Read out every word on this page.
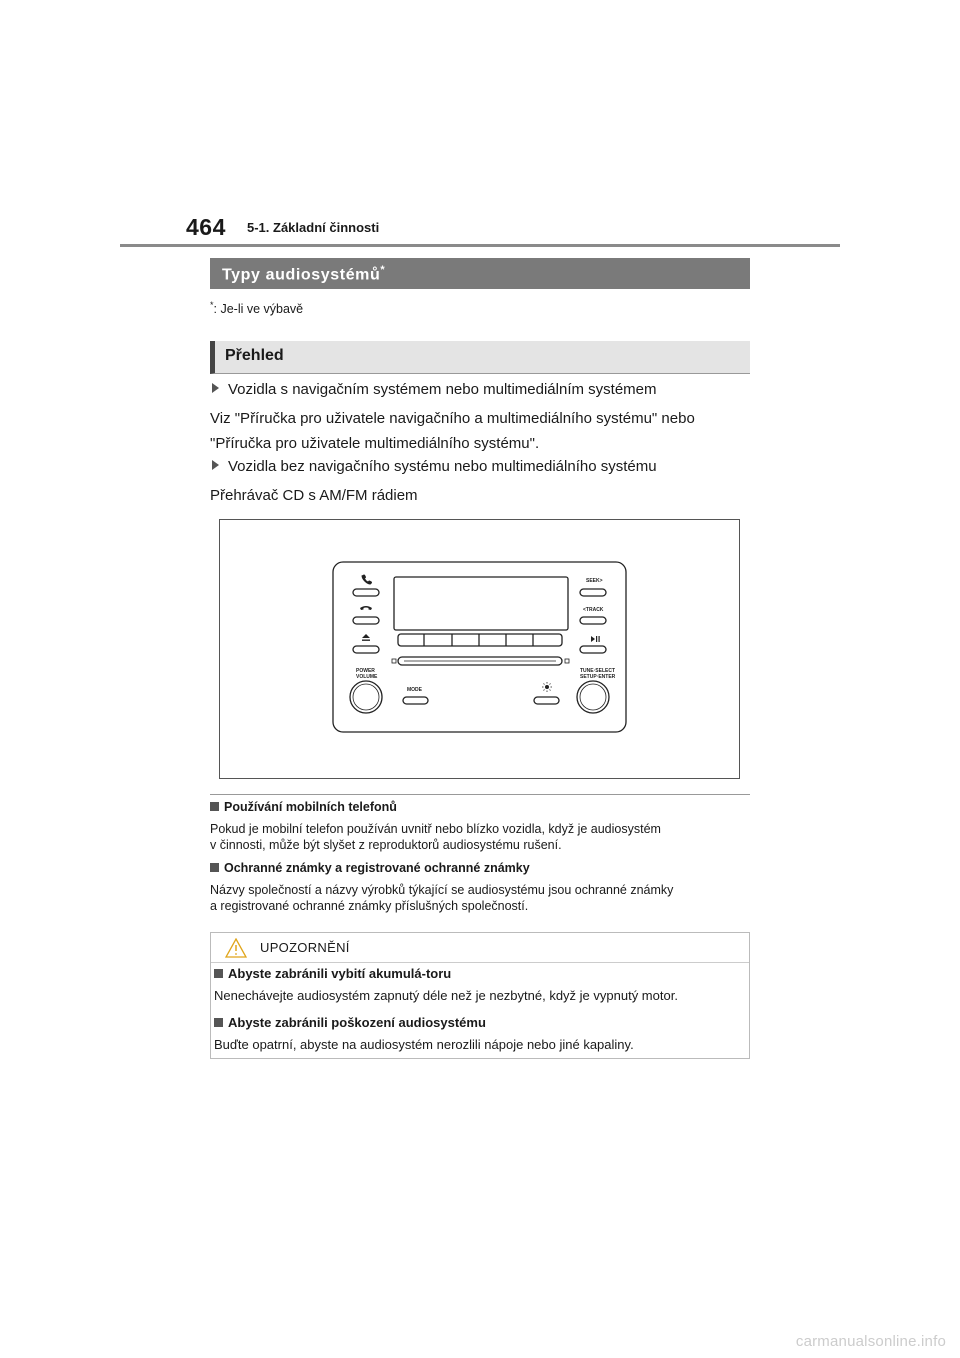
464 5-1. Základní činnosti
Typy audiosystémů*
*: Je-li ve výbavě
Přehled
Vozidla s navigačním systémem nebo multimediálním systémem
Viz "Příručka pro uživatele navigačního a multimediálního systému" nebo
"Příručka pro uživatele multimediálního systému".
Vozidla bez navigačního systému nebo multimediálního systému
Přehrávač CD s AM/FM rádiem
SEEK>
<TRACK
POWER
VOLUME
MODE
TUNE·SELECT
SETUP·ENTER
Používání mobilních telefonů
Pokud je mobilní telefon používán uvnitř nebo blízko vozidla, když je audiosystém
v činnosti, může být slyšet z reproduktorů audiosystému rušení.
Ochranné známky a registrované ochranné známky
Názvy společností a názvy výrobků týkající se audiosystému jsou ochranné známky
a registrované ochranné známky příslušných společností.
UPOZORNĚNÍ
Abyste zabránili vybití akumulá-toru
Nenechávejte audiosystém zapnutý déle než je nezbytné, když je vypnutý motor.
Abyste zabránili poškození audiosystému
Buďte opatrní, abyste na audiosystém nerozlili nápoje nebo jiné kapaliny.
carmanualsonline.info
